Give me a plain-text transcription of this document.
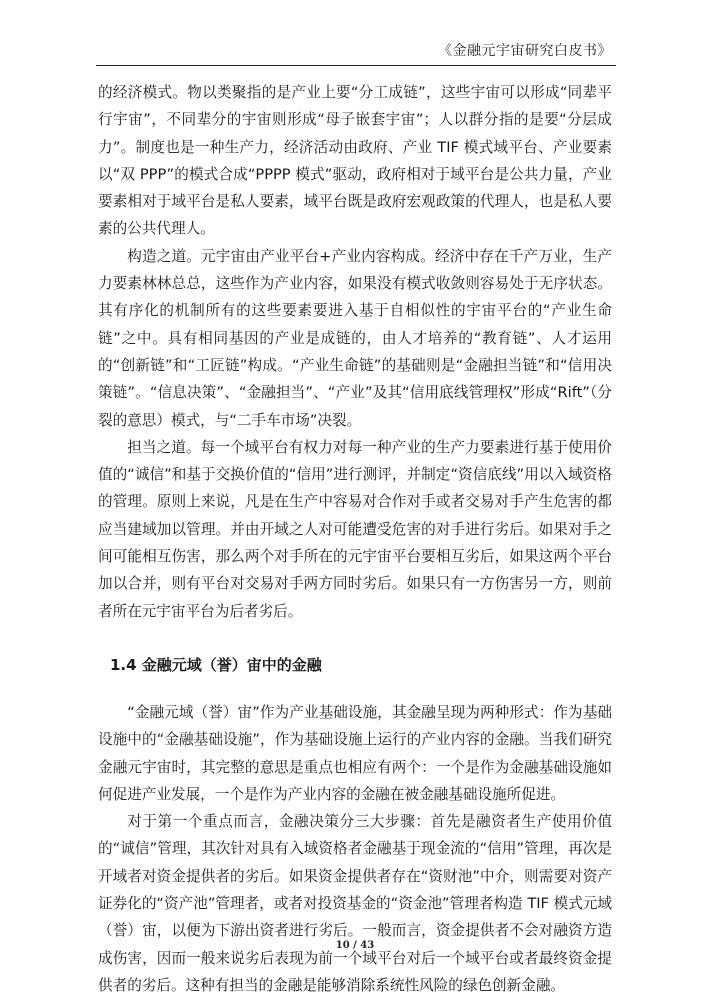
《金融元宇宙研究白皮书》

的经济模式。物以类聚指的是产业上要“分工成链”，这些宇宙可以形成“同辈平行宇宙”，不同辈分的宇宙则形成“母子嵌套宇宙”；人以群分指的是要“分层成力”。制度也是一种生产力，经济活动由政府、产业 TIF 模式域平台、产业要素以“双 PPP”的模式合成“PPPP 模式”驱动，政府相对于域平台是公共力量，产业要素相对于域平台是私人要素，域平台既是政府宏观政策的代理人，也是私人要素的公共代理人。

构造之道。元宇宙由产业平台+产业内容构成。经济中存在千产万业，生产力要素林林总总，这些作为产业内容，如果没有模式收敛则容易处于无序状态。其有序化的机制所有的这些要素要进入基于自相似性的宇宙平台的“产业生命链”之中。具有相同基因的产业是成链的，由人才培养的“教育链”、人才运用的“创新链”和“工匠链”构成。“产业生命链”的基础则是“金融担当链”和“信用决策链”。“信息决策”、“金融担当”、“产业”及其“信用底线管理权”形成“Rift”（分裂的意思）模式，与“二手车市场”决裂。

担当之道。每一个域平台有权力对每一种产业的生产力要素进行基于使用价值的“诚信”和基于交换价值的“信用”进行测评，并制定“资信底线”用以入域资格的管理。原则上来说，凡是在生产中容易对合作对手或者交易对手产生危害的都应当建域加以管理。并由开域之人对可能遭受危害的对手进行劣后。如果对手之间可能相互伤害，那么两个对手所在的元宇宙平台要相互劣后，如果这两个平台加以合并，则有平台对交易对手两方同时劣后。如果只有一方伤害另一方，则前者所在元宇宙平台为后者劣后。

1.4 金融元域（誉）宙中的金融

“金融元域（誉）宙”作为产业基础设施，其金融呈现为两种形式：作为基础设施中的“金融基础设施”，作为基础设施上运行的产业内容的金融。当我们研究金融元宇宙时，其完整的意思是重点也相应有两个：一个是作为金融基础设施如何促进产业发展，一个是作为产业内容的金融在被金融基础设施所促进。

对于第一个重点而言，金融决策分三大步骤：首先是融资者生产使用价值的“诚信”管理，其次针对具有入域资格者金融基于现金流的“信用”管理，再次是开域者对资金提供者的劣后。如果资金提供者存在“资财池”中介，则需要对资产证券化的“资产池”管理者，或者对投资基金的“资金池”管理者构造 TIF 模式元域（誉）宙，以便为下游出资者进行劣后。一般而言，资金提供者不会对融资方造成伤害，因而一般来说劣后表现为前一个域平台对后一个域平台或者最终资金提供者的劣后。这种有担当的金融是能够消除系统性风险的绿色创新金融。

10 / 43
